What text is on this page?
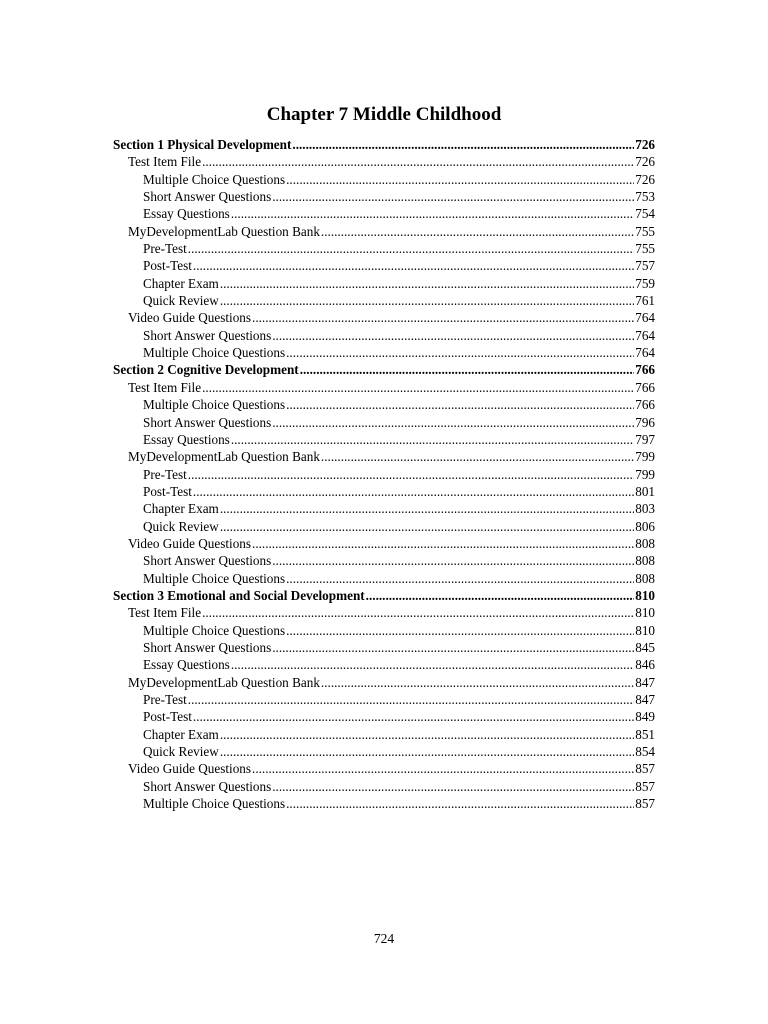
Chapter 7 Middle Childhood
Section 1 Physical Development .....	726
Test Item File .....	726
Multiple Choice Questions .....	726
Short Answer Questions .....	753
Essay Questions .....	754
MyDevelopmentLab Question Bank .....	755
Pre-Test .....	755
Post-Test .....	757
Chapter Exam .....	759
Quick Review .....	761
Video Guide Questions .....	764
Short Answer Questions .....	764
Multiple Choice Questions .....	764
Section 2 Cognitive Development .....	766
Test Item File .....	766
Multiple Choice Questions .....	766
Short Answer Questions .....	796
Essay Questions .....	797
MyDevelopmentLab Question Bank .....	799
Pre-Test .....	799
Post-Test .....	801
Chapter Exam .....	803
Quick Review .....	806
Video Guide Questions .....	808
Short Answer Questions .....	808
Multiple Choice Questions .....	808
Section 3 Emotional and Social Development .....	810
Test Item File .....	810
Multiple Choice Questions .....	810
Short Answer Questions .....	845
Essay Questions .....	846
MyDevelopmentLab Question Bank .....	847
Pre-Test .....	847
Post-Test .....	849
Chapter Exam .....	851
Quick Review .....	854
Video Guide Questions .....	857
Short Answer Questions .....	857
Multiple Choice Questions .....	857
724
